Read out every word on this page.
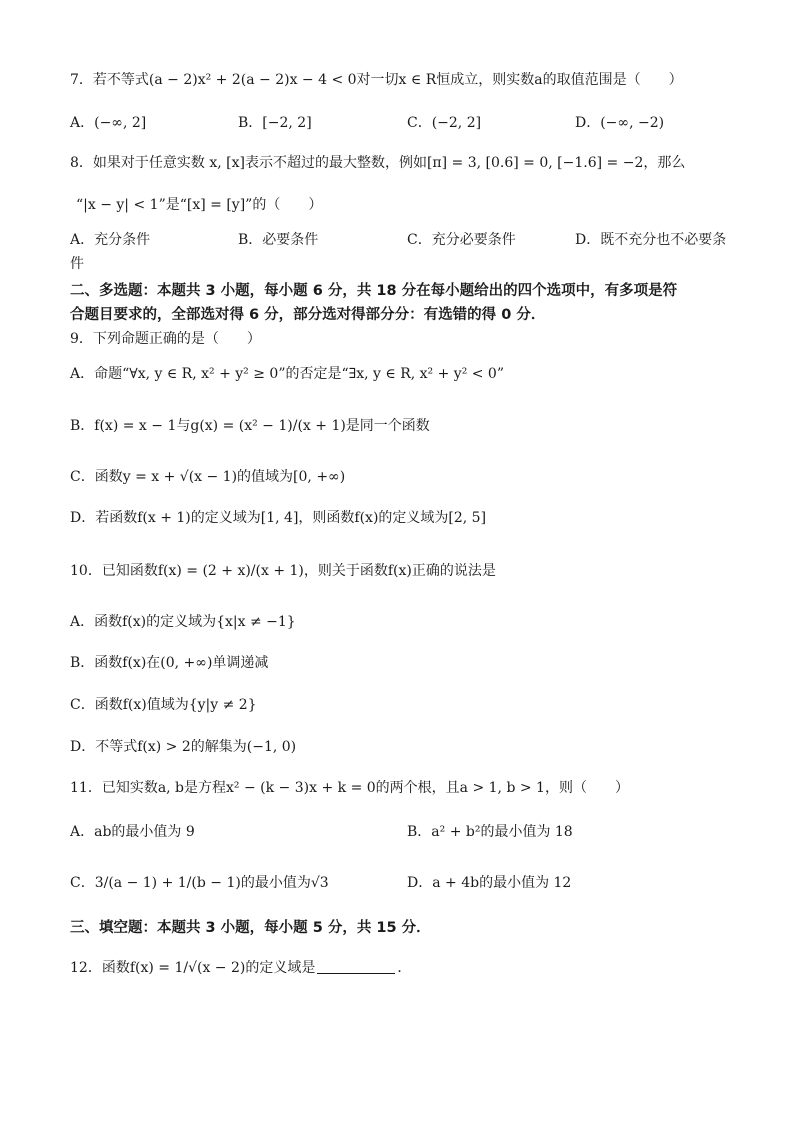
7．若不等式(a − 2)x² + 2(a − 2)x − 4 < 0对一切x ∈ R恒成立，则实数a的取值范围是（　　）
A．(−∞, 2]	B．[−2, 2]	C．(−2, 2]	D．(−∞, −2)
8．如果对于任意实数 x, [x]表示不超过的最大整数，例如[π] = 3, [0.6] = 0, [−1.6] = −2，那么
“|x − y| < 1”是“[x] = [y]”的（　　）
A．充分条件	B．必要条件	C．充分必要条件	D．既不充分也不必要条
件
二、多选题：本题共 3 小题，每小题 6 分，共 18 分在每小题给出的四个选项中，有多项是符
合题目要求的，全部选对得 6 分，部分选对得部分分：有选错的得 0 分．
9．下列命题正确的是（　　）
A．命题“∀x, y ∈ R, x² + y² ≥ 0”的否定是“∃x, y ∈ R, x² + y² < 0”
B．f(x) = x − 1与g(x) = (x² − 1)/(x + 1)是同一个函数
C．函数y = x + √(x − 1)的值域为[0, +∞)
D．若函数f(x + 1)的定义域为[1, 4]，则函数f(x)的定义域为[2, 5]
10．已知函数f(x) = (2 + x)/(x + 1)，则关于函数f(x)正确的说法是
A．函数f(x)的定义域为{x|x ≠ −1}
B．函数f(x)在(0, +∞)单调递减
C．函数f(x)值域为{y|y ≠ 2}
D．不等式f(x) > 2的解集为(−1, 0)
11．已知实数a, b是方程x² − (k − 3)x + k = 0的两个根，且a > 1, b > 1，则（　　）
A．ab的最小值为 9	B．a² + b²的最小值为 18
C．3/(a − 1) + 1/(b − 1)的最小值为√3	D．a + 4b的最小值为 12
三、填空题：本题共 3 小题，每小题 5 分，共 15 分．
12．函数f(x) = 1/√(x − 2)的定义域是	．
